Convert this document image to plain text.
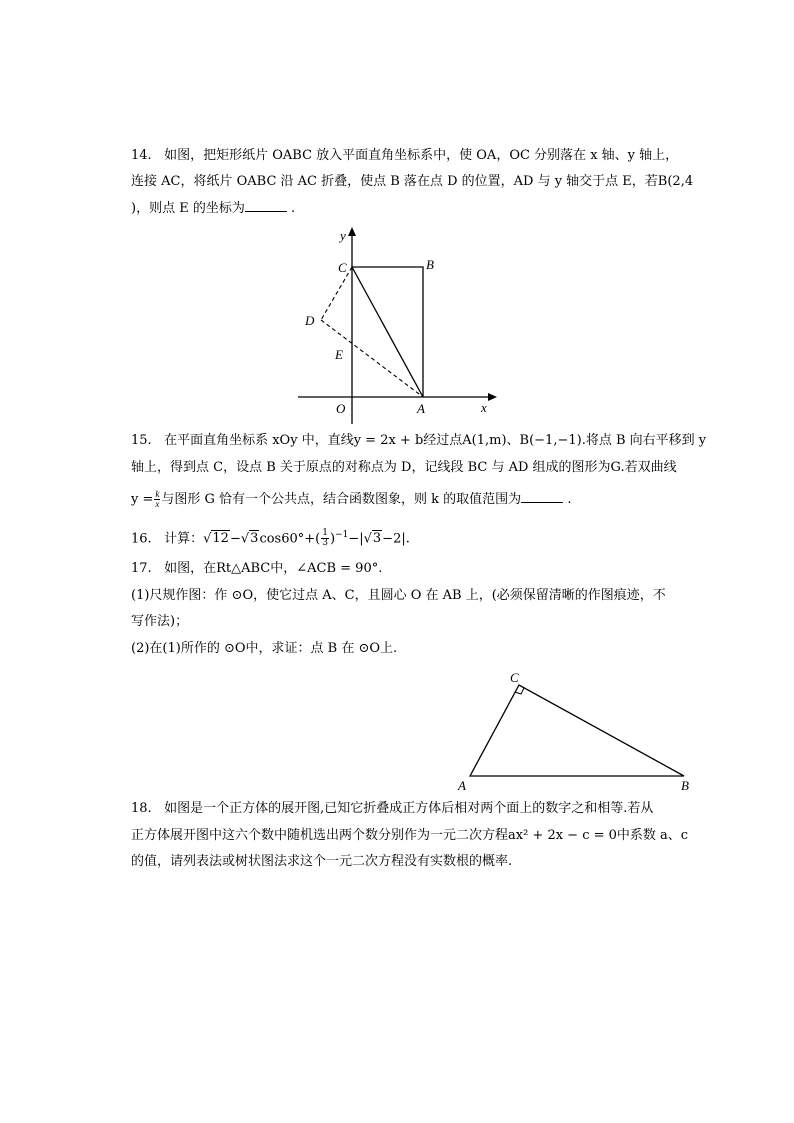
14. 如图，把矩形纸片 OABC 放入平面直角坐标系中，使 OA，OC 分别落在 x 轴、y 轴上，
连接 AC，将纸片 OABC 沿 AC 折叠，使点 B 落在点 D 的位置，AD 与 y 轴交于点 E，若B(2,4
)，则点 E 的坐标为	.
y
x
C	B
D
E
O	A
15. 在平面直角坐标系 xOy 中，直线y = 2x + b经过点A(1,m)、B(−1,−1).将点 B 向右平移到 y
轴上，得到点 C，设点 B 关于原点的对称点为 D，记线段 BC 与 AD 组成的图形为G.若双曲线
$y = \frac{k}{x}$ 与图形 G 恰有一个公共点，结合函数图象，则 k 的取值范围为	.
16. 计算：$√12-√3\cos 60^\circ+( \frac{1}{3} )^{-1}-|√3-2|$.
17. 如图，在Rt△ABC中，∠ACB = 90°.
(1)尺规作图：作 ⊙O，使它过点 A、C，且圆心 O 在 AB 上，(必须保留清晰的作图痕迹，不
写作法)；
(2)在(1)所作的 ⊙O中，求证：点 B 在 ⊙O上.
C
A	B
18. 如图是一个正方体的展开图,已知它折叠成正方体后相对两个面上的数字之和相等.若从
正方体展开图中这六个数中随机选出两个数分别作为一元二次方程ax² + 2x − c = 0中系数 a、c
的值，请列表法或树状图法求这个一元二次方程没有实数根的概率.
